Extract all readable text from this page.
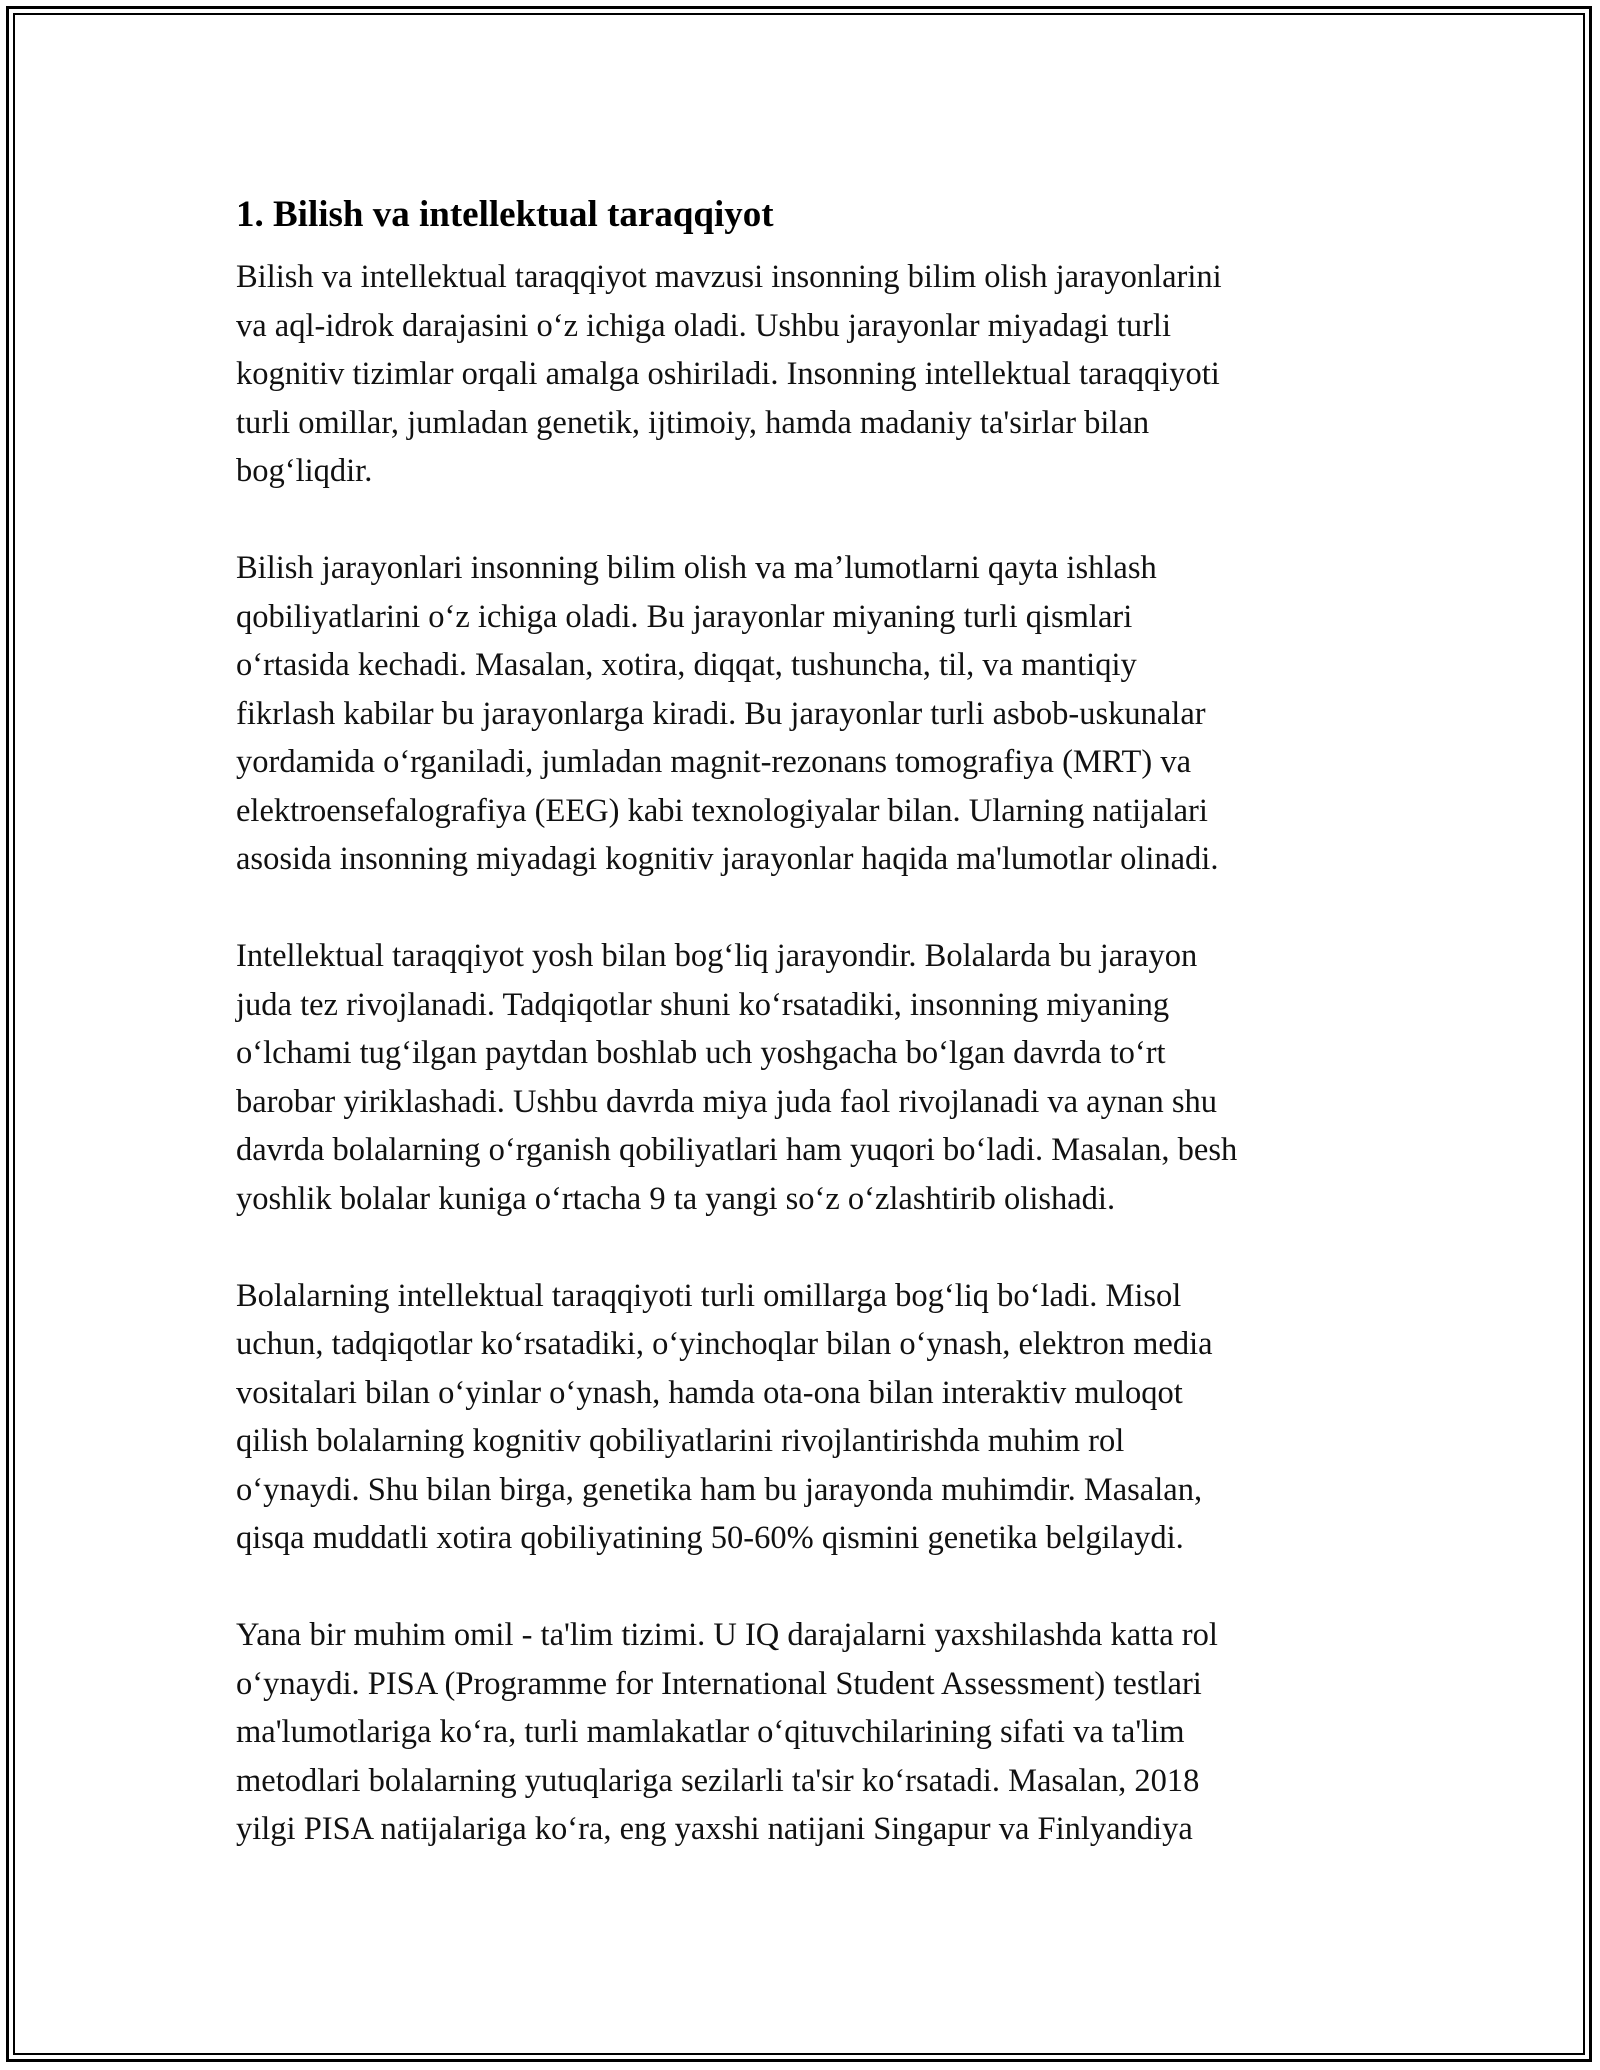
1. Bilish va intellektual taraqqiyot

Bilish va intellektual taraqqiyot mavzusi insonning bilim olish jarayonlarini
va aql-idrok darajasini oʻz ichiga oladi. Ushbu jarayonlar miyadagi turli
kognitiv tizimlar orqali amalga oshiriladi. Insonning intellektual taraqqiyoti
turli omillar, jumladan genetik, ijtimoiy, hamda madaniy ta'sirlar bilan
bogʻliqdir.

Bilish jarayonlari insonning bilim olish va maʼlumotlarni qayta ishlash
qobiliyatlarini oʻz ichiga oladi. Bu jarayonlar miyaning turli qismlari
oʻrtasida kechadi. Masalan, xotira, diqqat, tushuncha, til, va mantiqiy
fikrlash kabilar bu jarayonlarga kiradi. Bu jarayonlar turli asbob-uskunalar
yordamida oʻrganiladi, jumladan magnit-rezonans tomografiya (MRT) va
elektroensefalografiya (EEG) kabi texnologiyalar bilan. Ularning natijalari
asosida insonning miyadagi kognitiv jarayonlar haqida ma'lumotlar olinadi.

Intellektual taraqqiyot yosh bilan bogʻliq jarayondir. Bolalarda bu jarayon
juda tez rivojlanadi. Tadqiqotlar shuni koʻrsatadiki, insonning miyaning
oʻlchami tugʻilgan paytdan boshlab uch yoshgacha boʻlgan davrda toʻrt
barobar yiriklashadi. Ushbu davrda miya juda faol rivojlanadi va aynan shu
davrda bolalarning oʻrganish qobiliyatlari ham yuqori boʻladi. Masalan, besh
yoshlik bolalar kuniga oʻrtacha 9 ta yangi soʻz oʻzlashtirib olishadi.

Bolalarning intellektual taraqqiyoti turli omillarga bogʻliq boʻladi. Misol
uchun, tadqiqotlar koʻrsatadiki, oʻyinchoqlar bilan oʻynash, elektron media
vositalari bilan oʻyinlar oʻynash, hamda ota-ona bilan interaktiv muloqot
qilish bolalarning kognitiv qobiliyatlarini rivojlantirishda muhim rol
oʻynaydi. Shu bilan birga, genetika ham bu jarayonda muhimdir. Masalan,
qisqa muddatli xotira qobiliyatining 50-60% qismini genetika belgilaydi.

Yana bir muhim omil - ta'lim tizimi. U IQ darajalarni yaxshilashda katta rol
oʻynaydi. PISA (Programme for International Student Assessment) testlari
ma'lumotlariga koʻra, turli mamlakatlar oʻqituvchilarining sifati va ta'lim
metodlari bolalarning yutuqlariga sezilarli ta'sir koʻrsatadi. Masalan, 2018
yilgi PISA natijalariga koʻra, eng yaxshi natijani Singapur va Finlyandiya
